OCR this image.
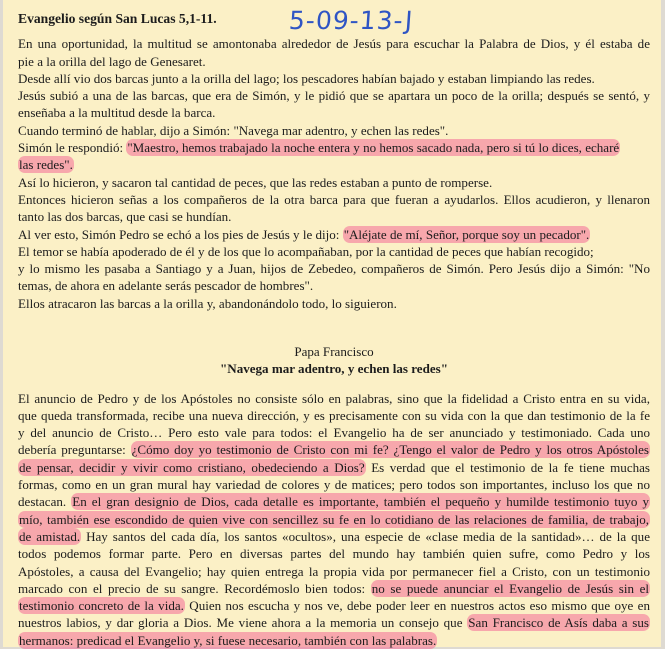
5-09-13-J
Evangelio según San Lucas 5,1-11.
En una oportunidad, la multitud se amontonaba alrededor de Jesús para escuchar la Palabra de Dios, y él estaba de
pie a la orilla del lago de Genesaret.
Desde allí vio dos barcas junto a la orilla del lago; los pescadores habían bajado y estaban limpiando las redes.
Jesús subió a una de las barcas, que era de Simón, y le pidió que se apartara un poco de la orilla; después se sentó, y
enseñaba a la multitud desde la barca.
Cuando terminó de hablar, dijo a Simón: "Navega mar adentro, y echen las redes".
Simón le respondió: "Maestro, hemos trabajado la noche entera y no hemos sacado nada, pero si tú lo dices, echaré
las redes".
Así lo hicieron, y sacaron tal cantidad de peces, que las redes estaban a punto de romperse.
Entonces hicieron señas a los compañeros de la otra barca para que fueran a ayudarlos. Ellos acudieron, y llenaron
tanto las dos barcas, que casi se hundían.
Al ver esto, Simón Pedro se echó a los pies de Jesús y le dijo: "Aléjate de mí, Señor, porque soy un pecador".
El temor se había apoderado de él y de los que lo acompañaban, por la cantidad de peces que habían recogido;
y lo mismo les pasaba a Santiago y a Juan, hijos de Zebedeo, compañeros de Simón. Pero Jesús dijo a Simón: "No
temas, de ahora en adelante serás pescador de hombres".
Ellos atracaron las barcas a la orilla y, abandonándolo todo, lo siguieron.
Papa Francisco
"Navega mar adentro, y echen las redes"
El anuncio de Pedro y de los Apóstoles no consiste sólo en palabras, sino que la fidelidad a Cristo entra en su vida,
que queda transformada, recibe una nueva dirección, y es precisamente con su vida con la que dan testimonio de la fe
y del anuncio de Cristo… Pero esto vale para todos: el Evangelio ha de ser anunciado y testimoniado. Cada uno
debería preguntarse: ¿Cómo doy yo testimonio de Cristo con mi fe? ¿Tengo el valor de Pedro y los otros Apóstoles
de pensar, decidir y vivir como cristiano, obedeciendo a Dios? Es verdad que el testimonio de la fe tiene muchas
formas, como en un gran mural hay variedad de colores y de matices; pero todos son importantes, incluso los que no
destacan. En el gran designio de Dios, cada detalle es importante, también el pequeño y humilde testimonio tuyo y
mío, también ese escondido de quien vive con sencillez su fe en lo cotidiano de las relaciones de familia, de trabajo,
de amistad. Hay santos del cada día, los santos «ocultos», una especie de «clase media de la santidad»… de la que
todos podemos formar parte. Pero en diversas partes del mundo hay también quien sufre, como Pedro y los
Apóstoles, a causa del Evangelio; hay quien entrega la propia vida por permanecer fiel a Cristo, con un testimonio
marcado con el precio de su sangre. Recordémoslo bien todos: no se puede anunciar el Evangelio de Jesús sin el
testimonio concreto de la vida. Quien nos escucha y nos ve, debe poder leer en nuestros actos eso mismo que oye en
nuestros labios, y dar gloria a Dios. Me viene ahora a la memoria un consejo que San Francisco de Asís daba a sus
hermanos: predicad el Evangelio y, si fuese necesario, también con las palabras.
